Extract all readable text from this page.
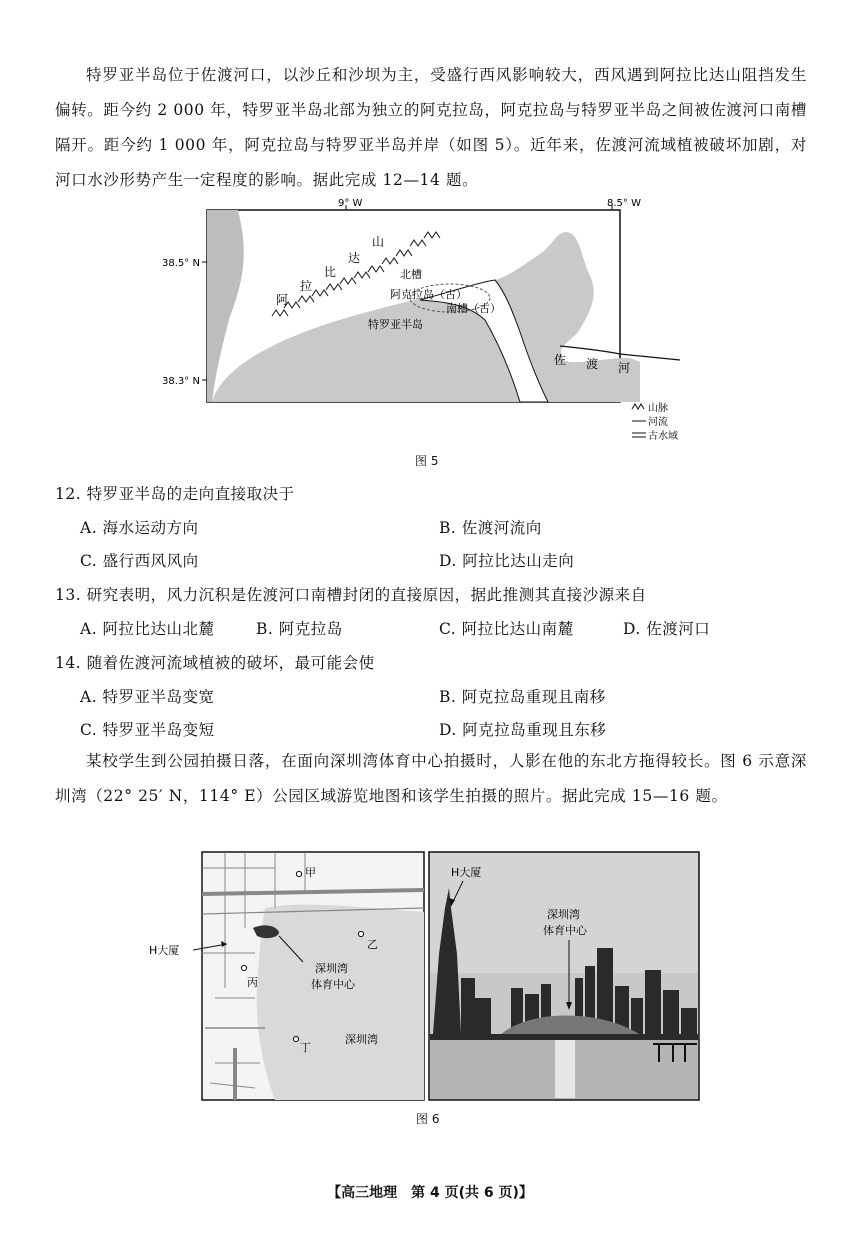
特罗亚半岛位于佐渡河口，以沙丘和沙坝为主，受盛行西风影响较大，西风遇到阿拉比达山阻挡发生偏转。距今约 2 000 年，特罗亚半岛北部为独立的阿克拉岛，阿克拉岛与特罗亚半岛之间被佐渡河口南槽隔开。距今约 1 000 年，阿克拉岛与特罗亚半岛并岸（如图 5）。近年来，佐渡河流域植被破坏加剧，对河口水沙形势产生一定程度的影响。据此完成 12—14 题。
9° W	8.5° W
38.5° N
38.3° N
阿
拉
比
达
山
北槽
阿克拉岛（古）
南槽（古）
特罗亚半岛
佐 渡 河
山脉
河流
古水域
图 5
12. 特罗亚半岛的走向直接取决于
A. 海水运动方向	B. 佐渡河流向
C. 盛行西风风向	D. 阿拉比达山走向
13. 研究表明，风力沉积是佐渡河口南槽封闭的直接原因，据此推测其直接沙源来自
A. 阿拉比达山北麓	B. 阿克拉岛	C. 阿拉比达山南麓	D. 佐渡河口
14. 随着佐渡河流域植被的破坏，最可能会使
A. 特罗亚半岛变宽	B. 阿克拉岛重现且南移
C. 特罗亚半岛变短	D. 阿克拉岛重现且东移
某校学生到公园拍摄日落，在面向深圳湾体育中心拍摄时，人影在他的东北方拖得较长。图 6 示意深圳湾（22° 25′ N，114° E）公园区域游览地图和该学生拍摄的照片。据此完成 15—16 题。
甲
乙
丙
丁
H大厦
深圳湾
体育中心
深圳湾
H大厦
深圳湾
体育中心
图 6
【高三地理　第 4 页(共 6 页)】
